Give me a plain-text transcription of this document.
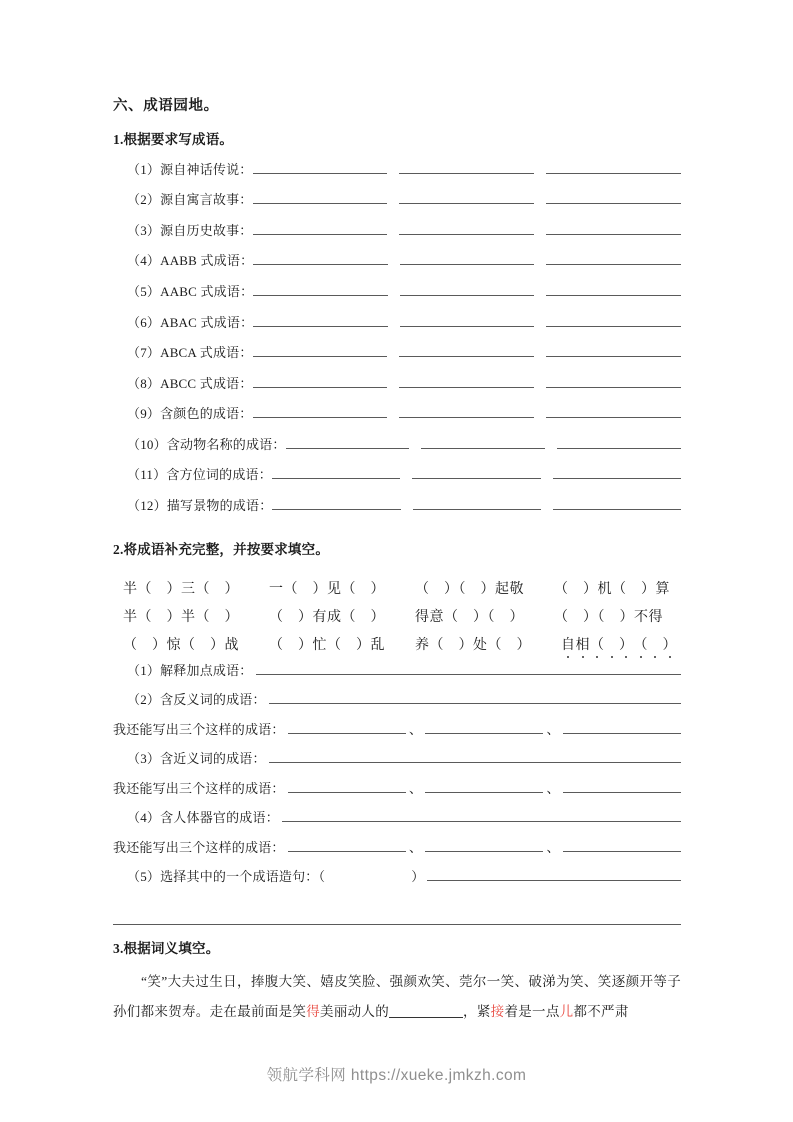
六、成语园地。
1.根据要求写成语。
（1）源自神话传说：
（2）源自寓言故事：
（3）源自历史故事：
（4）AABB 式成语：
（5）AABC 式成语：
（6）ABAC 式成语：
（7）ABCA 式成语：
（8）ABCC 式成语：
（9）含颜色的成语：
（10）含动物名称的成语：
（11）含方位词的成语：
（12）描写景物的成语：
2.将成语补充完整，并按要求填空。
半（　）三（　） 一（　）见（　） （　）（　）起敬 （　）机（　）算
半（　）半（　） （　）有成（　） 得意（　）（　） （　）（　）不得
（　）惊（　）战 （　）忙（　）乱 养（　）处（　） 自相（　 ）（　 ）
（1）解释加点成语：
（2）含反义词的成语：
我还能写出三个这样的成语：	、	、
（3）含近义词的成语：
我还能写出三个这样的成语：	、	、
（4）含人体器官的成语：
我还能写出三个这样的成语：	、	、
（5）选择其中的一个成语造句：（	）
3.根据词义填空。

“笑”大夫过生日，捧腹大笑、嬉皮笑脸、强颜欢笑、莞尔一笑、破涕为笑、笑逐颜开等子孙们都来贺寿。走在最前面是笑得美丽动人的	，紧接着是一点儿都不严肃

领航学科网 https://xueke.jmkzh.com
